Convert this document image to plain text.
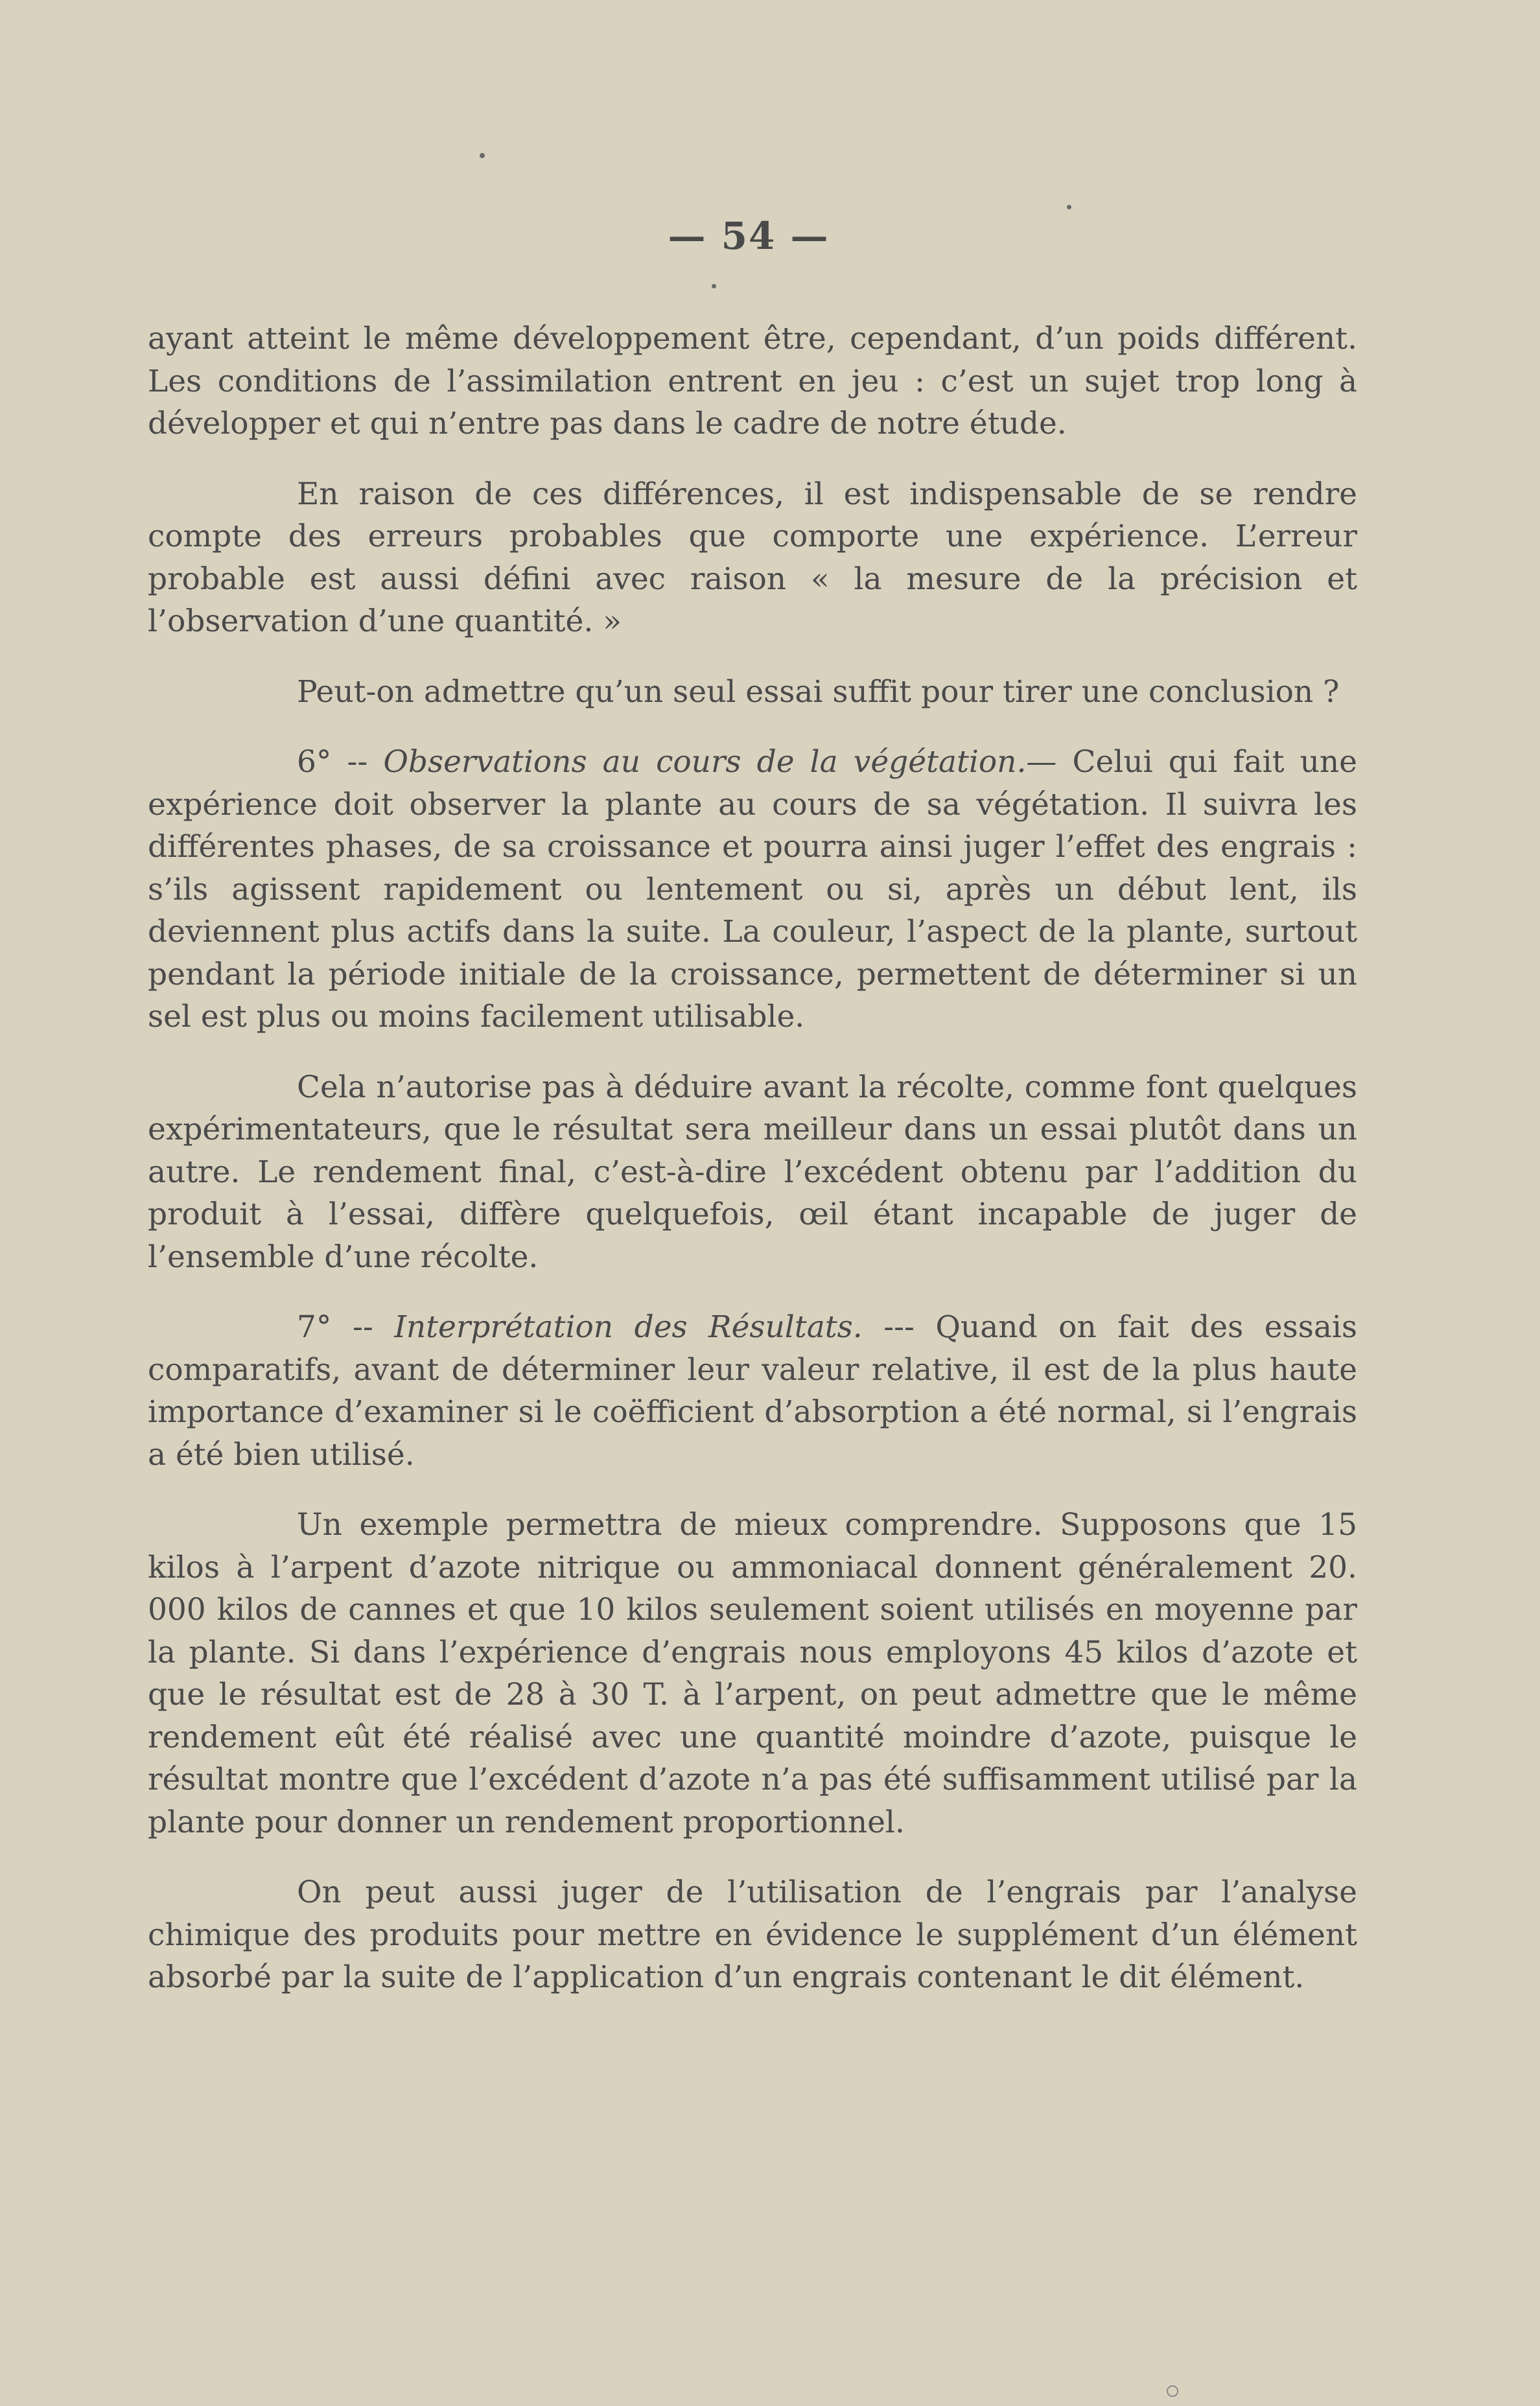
— 54 —

ayant atteint le même développement être, cependant, d’un poids différent. Les conditions de l’assimilation entrent en jeu : c’est un sujet trop long à développer et qui n’entre pas dans le cadre de notre étude.

En raison de ces différences, il est indispensable de se rendre compte des erreurs probables que comporte une expérience. L’erreur probable est aussi défini avec raison « la mesure de la précision et l’observation d’une quantité. »

Peut-on admettre qu’un seul essai suffit pour tirer une conclusion ?

6° -- Observations au cours de la végétation.— Celui qui fait une expérience doit observer la plante au cours de sa végétation. Il suivra les différentes phases, de sa croissance et pourra ainsi juger l’effet des engrais : s’ils agissent rapidement ou lentement ou si, après un début lent, ils deviennent plus actifs dans la suite. La couleur, l’aspect de la plante, surtout pendant la période initiale de la croissance, permettent de déterminer si un sel est plus ou moins facilement utilisable.

Cela n’autorise pas à déduire avant la récolte, comme font quelques expérimentateurs, que le résultat sera meilleur dans un essai plutôt dans un autre. Le rendement final, c’est-à-dire l’excédent obtenu par l’addition du produit à l’essai, diffère quelquefois, œil étant incapable de juger de l’ensemble d’une récolte.

7° -- Interprétation des Résultats. --- Quand on fait des essais comparatifs, avant de déterminer leur valeur relative, il est de la plus haute importance d’examiner si le coëfficient d’absorption a été normal, si l’engrais a été bien utilisé.

Un exemple permettra de mieux comprendre. Supposons que 15 kilos à l’arpent d’azote nitrique ou ammoniacal donnent généralement 20. 000 kilos de cannes et que 10 kilos seulement soient utilisés en moyenne par la plante. Si dans l’expérience d’engrais nous employons 45 kilos d’azote et que le résultat est de 28 à 30 T. à l’arpent, on peut admettre que le même rendement eût été réalisé avec une quantité moindre d’azote, puisque le résultat montre que l’excédent d’azote n’a pas été suffisamment utilisé par la plante pour donner un rendement proportionnel.

On peut aussi juger de l’utilisation de l’engrais par l’analyse chimique des produits pour mettre en évidence le supplément d’un élément absorbé par la suite de l’application d’un engrais contenant le dit élément.
